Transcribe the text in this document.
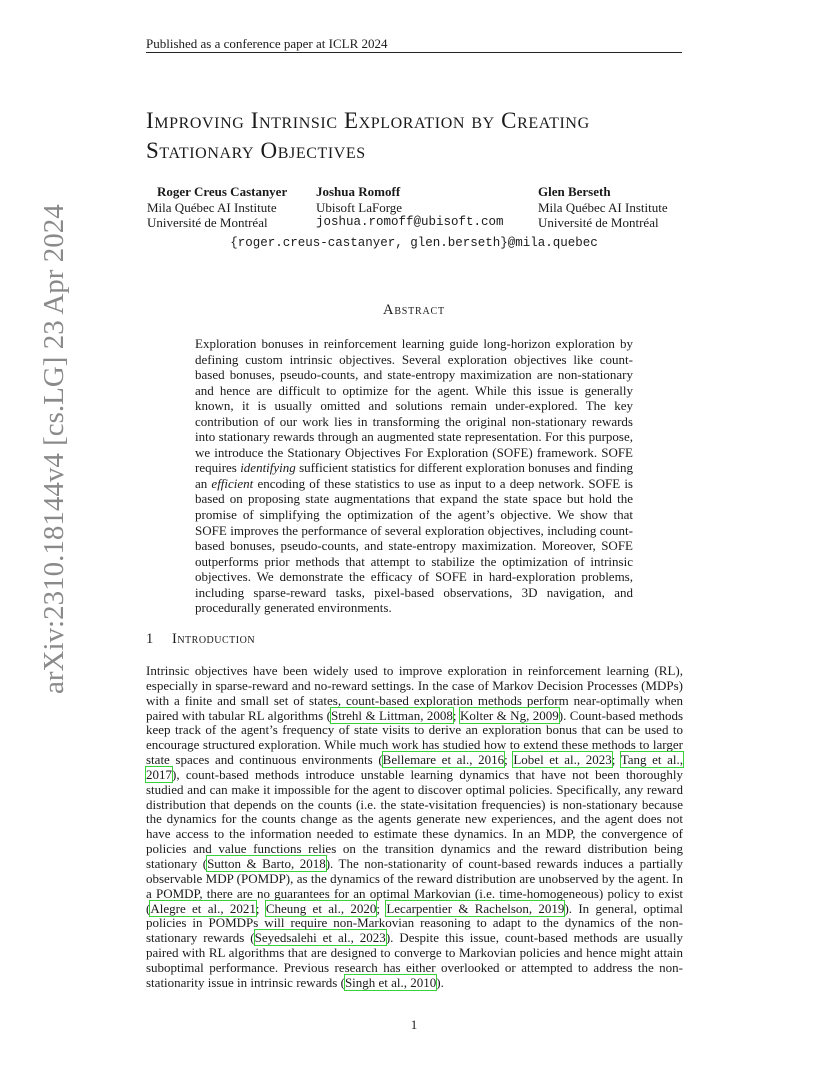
Published as a conference paper at ICLR 2024
Improving Intrinsic Exploration by Creating
Stationary Objectives
Roger Creus Castanyer
Mila Québec AI Institute
Université de Montréal
Joshua Romoff
Ubisoft LaForge
joshua.romoff@ubisoft.com
Glen Berseth
Mila Québec AI Institute
Université de Montréal
{roger.creus-castanyer, glen.berseth}@mila.quebec
arXiv:2310.18144v4 [cs.LG] 23 Apr 2024	Abstract

Exploration bonuses in reinforcement learning guide long-horizon exploration by defining custom intrinsic objectives. Several exploration objectives like count-based bonuses, pseudo-counts, and state-entropy maximization are non-stationary and hence are difficult to optimize for the agent. While this issue is generally known, it is usually omitted and solutions remain under-explored. The key contribution of our work lies in transforming the original non-stationary rewards into stationary rewards through an augmented state representation. For this purpose, we introduce the Stationary Objectives For Exploration (SOFE) framework. SOFE requires identifying sufficient statistics for different exploration bonuses and finding an efficient encoding of these statistics to use as input to a deep network. SOFE is based on proposing state augmentations that expand the state space but hold the promise of simplifying the optimization of the agent’s objective. We show that SOFE improves the performance of several exploration objectives, including count-based bonuses, pseudo-counts, and state-entropy maximization. Moreover, SOFE outperforms prior methods that attempt to stabilize the optimization of intrinsic objectives. We demonstrate the efficacy of SOFE in hard-exploration problems, including sparse-reward tasks, pixel-based observations, 3D navigation, and procedurally generated environments.

1 Introduction

Intrinsic objectives have been widely used to improve exploration in reinforcement learning (RL), especially in sparse-reward and no-reward settings. In the case of Markov Decision Processes (MDPs) with a finite and small set of states, count-based exploration methods perform near-optimally when paired with tabular RL algorithms (Strehl & Littman, 2008; Kolter & Ng, 2009). Count-based methods keep track of the agent’s frequency of state visits to derive an exploration bonus that can be used to encourage structured exploration. While much work has studied how to extend these methods to larger state spaces and continuous environments (Bellemare et al., 2016; Lobel et al., 2023; Tang et al., 2017), count-based methods introduce unstable learning dynamics that have not been thoroughly studied and can make it impossible for the agent to discover optimal policies. Specifically, any reward distribution that depends on the counts (i.e. the state-visitation frequencies) is non-stationary because the dynamics for the counts change as the agents generate new experiences, and the agent does not have access to the information needed to estimate these dynamics. In an MDP, the convergence of policies and value functions relies on the transition dynamics and the reward distribution being stationary (Sutton & Barto, 2018). The non-stationarity of count-based rewards induces a partially observable MDP (POMDP), as the dynamics of the reward distribution are unobserved by the agent. In a POMDP, there are no guarantees for an optimal Markovian (i.e. time-homogeneous) policy to exist (Alegre et al., 2021; Cheung et al., 2020; Lecarpentier & Rachelson, 2019). In general, optimal policies in POMDPs will require non-Markovian reasoning to adapt to the dynamics of the non-stationary rewards (Seyedsalehi et al., 2023). Despite this issue, count-based methods are usually paired with RL algorithms that are designed to converge to Markovian policies and hence might attain suboptimal performance. Previous research has either overlooked or attempted to address the non-stationarity issue in intrinsic rewards (Singh et al., 2010).

1
